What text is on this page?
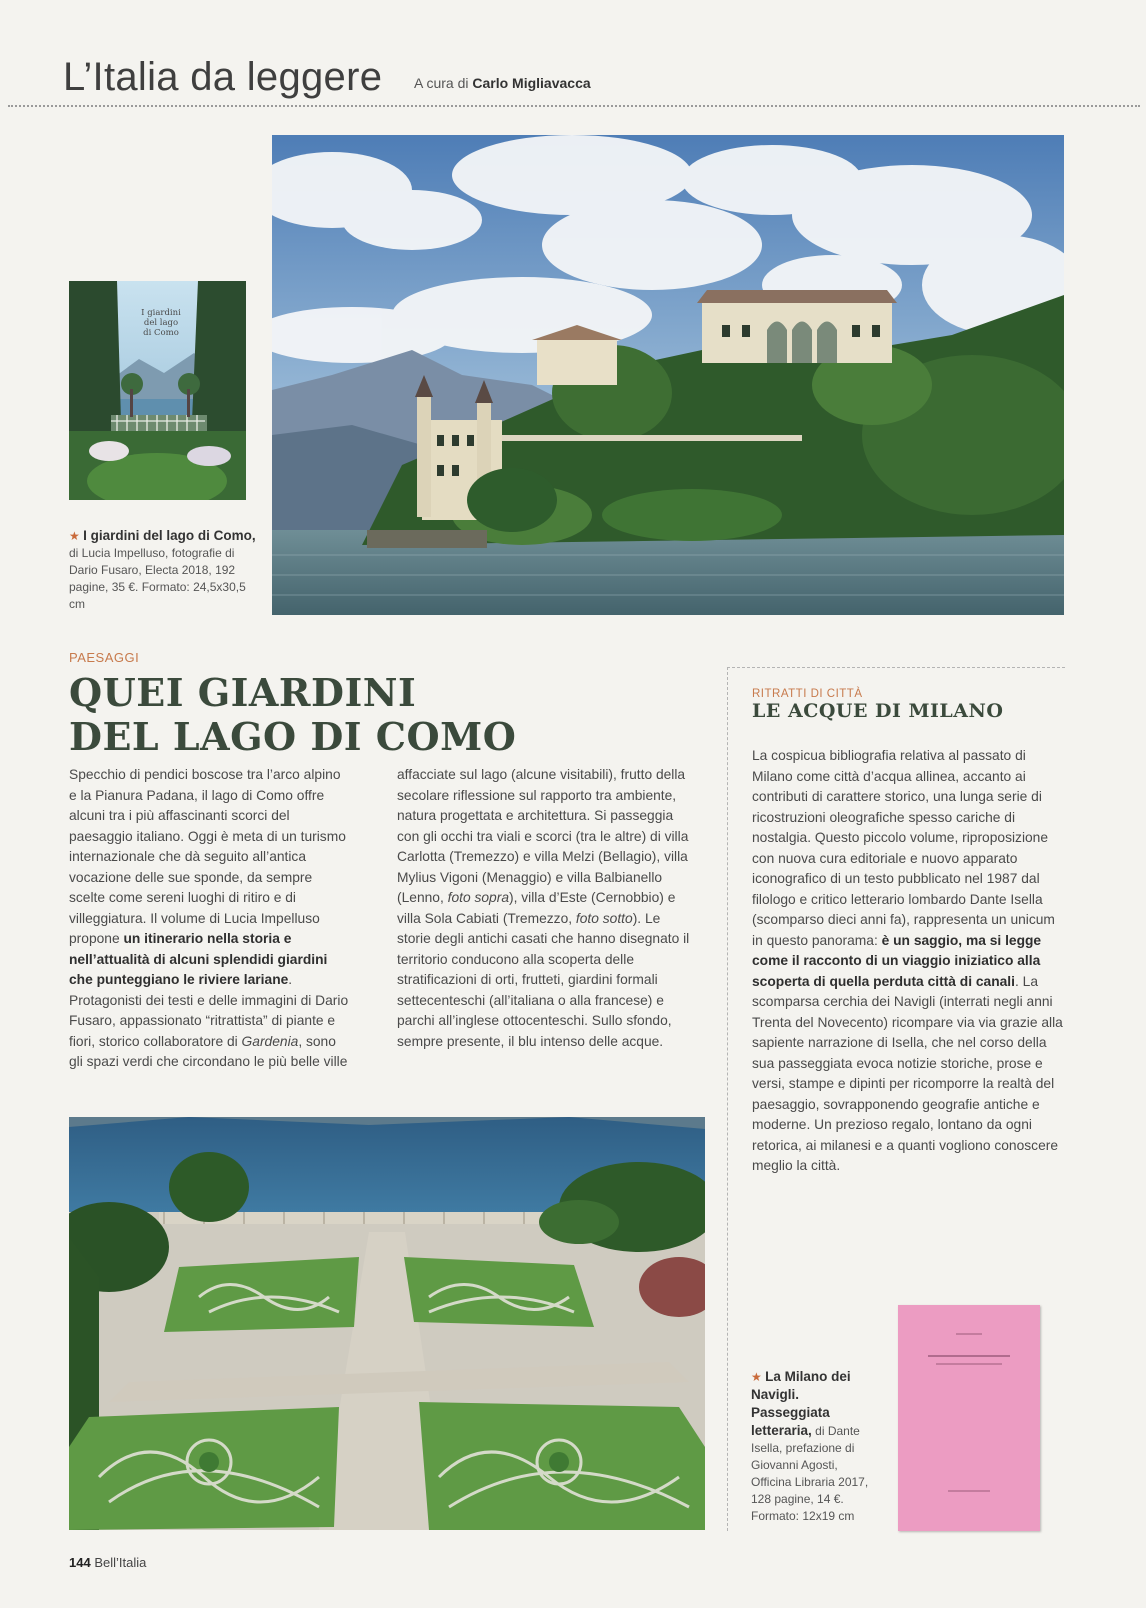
L’Italia da leggere A cura di Carlo Migliavacca
I giardini
del lago
di Como
★ I giardini del lago di Como, di Lucia Impelluso, fotografie di Dario Fusaro, Electa 2018, 192 pagine, 35 €. Formato: 24,5x30,5 cm
PAESAGGI
QUEI GIARDINI
DEL LAGO DI COMO
Specchio di pendici boscose tra l’arco alpino e la Pianura Padana, il lago di Como offre alcuni tra i più affascinanti scorci del paesaggio italiano. Oggi è meta di un turismo internazionale che dà seguito all’antica vocazione delle sue sponde, da sempre scelte come sereni luoghi di ritiro e di villeggiatura. Il volume di Lucia Impelluso propone un itinerario nella storia e nell’attualità di alcuni splendidi giardini che punteggiano le riviere lariane. Protagonisti dei testi e delle immagini di Dario Fusaro, appassionato “ritrattista” di piante e fiori, storico collaboratore di Gardenia, sono gli spazi verdi che circondano le più belle ville
affacciate sul lago (alcune visitabili), frutto della secolare riflessione sul rapporto tra ambiente, natura progettata e architettura. Si passeggia con gli occhi tra viali e scorci (tra le altre) di villa Carlotta (Tremezzo) e villa Melzi (Bellagio), villa Mylius Vigoni (Menaggio) e villa Balbianello (Lenno, foto sopra), villa d’Este (Cernobbio) e villa Sola Cabiati (Tremezzo, foto sotto). Le storie degli antichi casati che hanno disegnato il territorio conducono alla scoperta delle stratificazioni di orti, frutteti, giardini formali settecenteschi (all’italiana o alla francese) e parchi all’inglese ottocenteschi. Sullo sfondo, sempre presente, il blu intenso delle acque.
RITRATTI DI CITTÀ
LE ACQUE DI MILANO
La cospicua bibliografia relativa al passato di Milano come città d’acqua allinea, accanto ai contributi di carattere storico, una lunga serie di ricostruzioni oleografiche spesso cariche di nostalgia. Questo piccolo volume, riproposizione con nuova cura editoriale e nuovo apparato iconografico di un testo pubblicato nel 1987 dal filologo e critico letterario lombardo Dante Isella (scomparso dieci anni fa), rappresenta un unicum in questo panorama: è un saggio, ma si legge come il racconto di un viaggio iniziatico alla scoperta di quella perduta città di canali. La scomparsa cerchia dei Navigli (interrati negli anni Trenta del Novecento) ricompare via via grazie alla sapiente narrazione di Isella, che nel corso della sua passeggiata evoca notizie storiche, prose e versi, stampe e dipinti per ricomporre la realtà del paesaggio, sovrapponendo geografie antiche e moderne. Un prezioso regalo, lontano da ogni retorica, ai milanesi e a quanti vogliono conoscere meglio la città.
★ La Milano dei Navigli. Passeggiata letteraria, di Dante Isella, prefazione di Giovanni Agosti, Officina Libraria 2017, 128 pagine, 14 €. Formato: 12x19 cm
144 Bell’Italia
